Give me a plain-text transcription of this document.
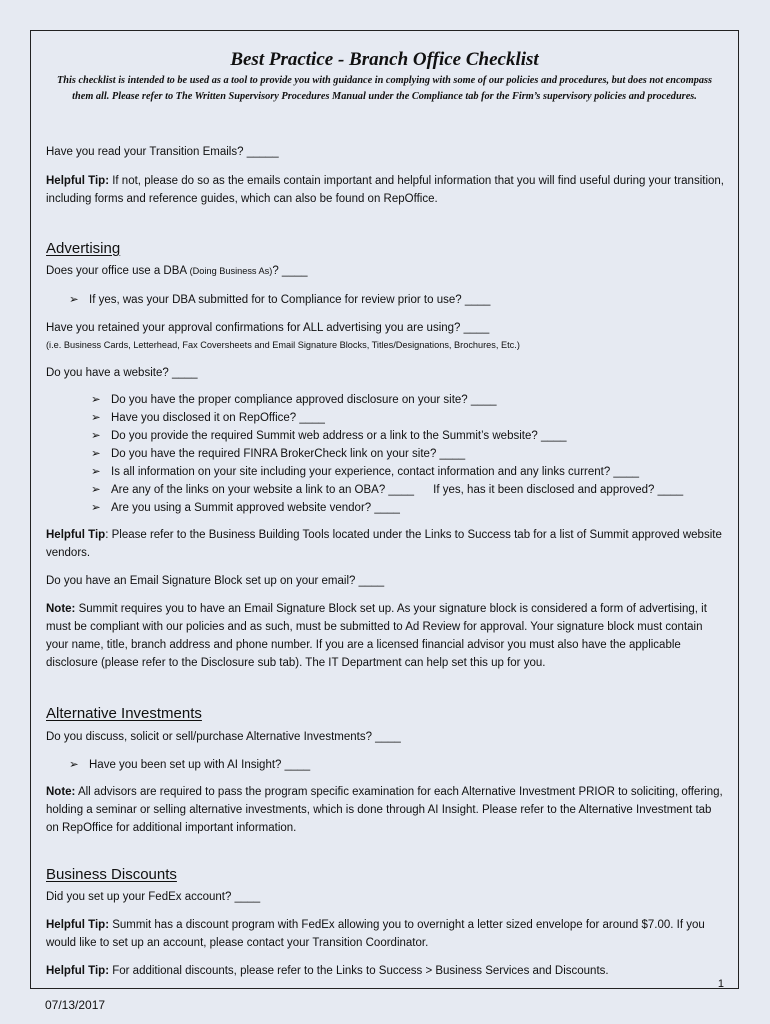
Best Practice - Branch Office Checklist
This checklist is intended to be used as a tool to provide you with guidance in complying with some of our policies and procedures, but does not encompass them all. Please refer to The Written Supervisory Procedures Manual under the Compliance tab for the Firm’s supervisory policies and procedures.
Have you read your Transition Emails? _____
Helpful Tip: If not, please do so as the emails contain important and helpful information that you will find useful during your transition, including forms and reference guides, which can also be found on RepOffice.
Advertising
Does your office use a DBA (Doing Business As)? ____
➢ If yes, was your DBA submitted for to Compliance for review prior to use? ____
Have you retained your approval confirmations for ALL advertising you are using? ____
(i.e. Business Cards, Letterhead, Fax Coversheets and Email Signature Blocks, Titles/Designations, Brochures, Etc.)
Do you have a website? ____
➢ Do you have the proper compliance approved disclosure on your site? ____
➢ Have you disclosed it on RepOffice? ____
➢ Do you provide the required Summit web address or a link to the Summit’s website? ____
➢ Do you have the required FINRA BrokerCheck link on your site? ____
➢ Is all information on your site including your experience, contact information and any links current? ____
➢ Are any of the links on your website a link to an OBA? ____      If yes, has it been disclosed and approved? ____
➢ Are you using a Summit approved website vendor? ____
Helpful Tip: Please refer to the Business Building Tools located under the Links to Success tab for a list of Summit approved website vendors.
Do you have an Email Signature Block set up on your email? ____
Note: Summit requires you to have an Email Signature Block set up. As your signature block is considered a form of advertising, it must be compliant with our policies and as such, must be submitted to Ad Review for approval. Your signature block must contain your name, title, branch address and phone number. If you are a licensed financial advisor you must also have the applicable disclosure (please refer to the Disclosure sub tab). The IT Department can help set this up for you.
Alternative Investments
Do you discuss, solicit or sell/purchase Alternative Investments? ____
➢ Have you been set up with AI Insight? ____
Note: All advisors are required to pass the program specific examination for each Alternative Investment PRIOR to soliciting, offering, holding a seminar or selling alternative investments, which is done through AI Insight. Please refer to the Alternative Investment tab on RepOffice for additional important information.
Business Discounts
Did you set up your FedEx account? ____
Helpful Tip: Summit has a discount program with FedEx allowing you to overnight a letter sized envelope for around $7.00. If you would like to set up an account, please contact your Transition Coordinator.
Helpful Tip: For additional discounts, please refer to the Links to Success > Business Services and Discounts.
1
07/13/2017
